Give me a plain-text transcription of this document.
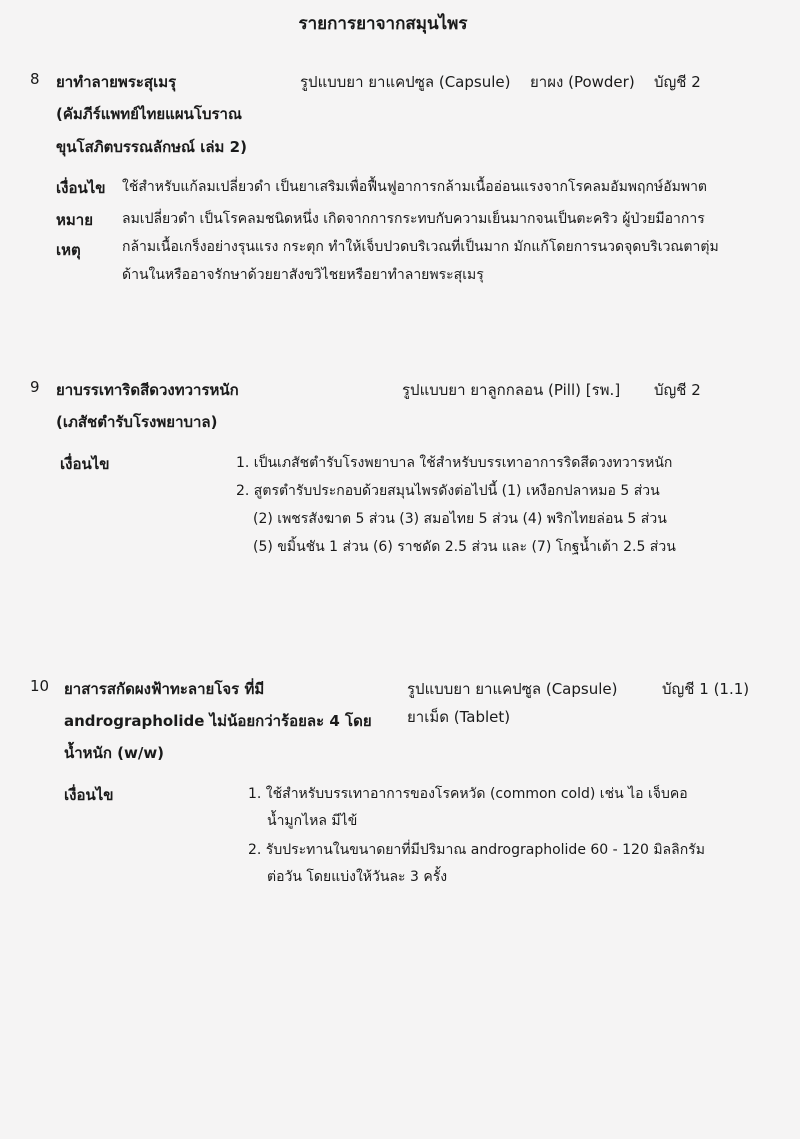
รายการยาจากสมุนไพร
8 ยาทำลายพระสุเมรุ
(คัมภีร์แพทย์ไทยแผนโบราณ
ขุนโสภิตบรรณลักษณ์ เล่ม 2)
รูปแบบยา ยาแคปซูล (Capsule) ยาผง (Powder) บัญชี 2
เงื่อนไข ใช้สำหรับแก้ลมเปลี่ยวดำ เป็นยาเสริมเพื่อฟื้นฟูอาการกล้ามเนื้ออ่อนแรงจากโรคลมอัมพฤกษ์อัมพาต
หมาย
เหตุ
ลมเปลี่ยวดำ เป็นโรคลมชนิดหนึ่ง เกิดจากการกระทบกับความเย็นมากจนเป็นตะคริว ผู้ป่วยมีอาการ
กล้ามเนื้อเกร็งอย่างรุนแรง กระตุก ทำให้เจ็บปวดบริเวณที่เป็นมาก มักแก้โดยการนวดจุดบริเวณตาตุ่ม
ด้านในหรืออาจรักษาด้วยยาสังขวิไชยหรือยาทำลายพระสุเมรุ
9 ยาบรรเทาริดสีดวงทวารหนัก
(เภสัชตำรับโรงพยาบาล)
รูปแบบยา ยาลูกกลอน (Pill) [รพ.] บัญชี 2
เงื่อนไข	1. เป็นเภสัชตำรับโรงพยาบาล ใช้สำหรับบรรเทาอาการริดสีดวงทวารหนัก
2. สูตรตำรับประกอบด้วยสมุนไพรดังต่อไปนี้ (1) เหงือกปลาหมอ 5 ส่วน
(2) เพชรสังฆาต 5 ส่วน (3) สมอไทย 5 ส่วน (4) พริกไทยล่อน 5 ส่วน
(5) ขมิ้นชัน 1 ส่วน (6) ราชดัด 2.5 ส่วน และ (7) โกฐน้ำเต้า 2.5 ส่วน
10 ยาสารสกัดผงฟ้าทะลายโจร ที่มี
andrographolide ไม่น้อยกว่าร้อยละ 4 โดย
น้ำหนัก (w/w)
รูปแบบยา ยาแคปซูล (Capsule)
ยาเม็ด (Tablet)
บัญชี 1 (1.1)
เงื่อนไข	1. ใช้สำหรับบรรเทาอาการของโรคหวัด (common cold) เช่น ไอ เจ็บคอ
น้ำมูกไหล มีไข้
2. รับประทานในขนาดยาที่มีปริมาณ andrographolide 60 - 120 มิลลิกรัม
ต่อวัน โดยแบ่งให้วันละ 3 ครั้ง
